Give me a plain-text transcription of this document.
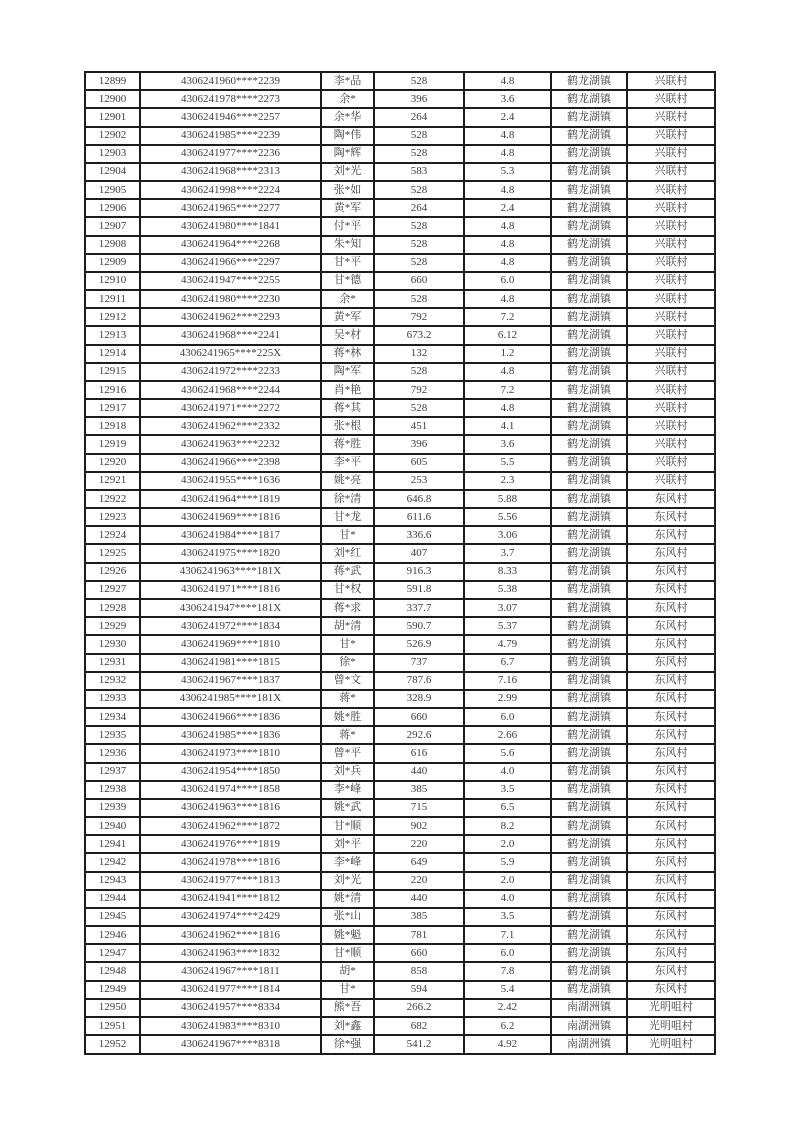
12899	4306241960****2239	李*品	528	4.8	鹤龙湖镇	兴联村
12900	4306241978****2273	余*	396	3.6	鹤龙湖镇	兴联村
12901	4306241946****2257	余*华	264	2.4	鹤龙湖镇	兴联村
12902	4306241985****2239	陶*伟	528	4.8	鹤龙湖镇	兴联村
12903	4306241977****2236	陶*辉	528	4.8	鹤龙湖镇	兴联村
12904	4306241968****2313	刘*光	583	5.3	鹤龙湖镇	兴联村
12905	4306241998****2224	张*如	528	4.8	鹤龙湖镇	兴联村
12906	4306241965****2277	黄*军	264	2.4	鹤龙湖镇	兴联村
12907	4306241980****1841	付*平	528	4.8	鹤龙湖镇	兴联村
12908	4306241964****2268	朱*知	528	4.8	鹤龙湖镇	兴联村
12909	4306241966****2297	甘*平	528	4.8	鹤龙湖镇	兴联村
12910	4306241947****2255	甘*德	660	6.0	鹤龙湖镇	兴联村
12911	4306241980****2230	余*	528	4.8	鹤龙湖镇	兴联村
12912	4306241962****2293	黄*军	792	7.2	鹤龙湖镇	兴联村
12913	4306241968****2241	吴*材	673.2	6.12	鹤龙湖镇	兴联村
12914	4306241965****225X	蒋*林	132	1.2	鹤龙湖镇	兴联村
12915	4306241972****2233	陶*军	528	4.8	鹤龙湖镇	兴联村
12916	4306241968****2244	肖*艳	792	7.2	鹤龙湖镇	兴联村
12917	4306241971****2272	蒋*其	528	4.8	鹤龙湖镇	兴联村
12918	4306241962****2332	张*根	451	4.1	鹤龙湖镇	兴联村
12919	4306241963****2232	蒋*胜	396	3.6	鹤龙湖镇	兴联村
12920	4306241966****2398	李*平	605	5.5	鹤龙湖镇	兴联村
12921	4306241955****1636	姚*亮	253	2.3	鹤龙湖镇	兴联村
12922	4306241964****1819	徐*清	646.8	5.88	鹤龙湖镇	东风村
12923	4306241969****1816	甘*龙	611.6	5.56	鹤龙湖镇	东风村
12924	4306241984****1817	甘*	336.6	3.06	鹤龙湖镇	东风村
12925	4306241975****1820	刘*红	407	3.7	鹤龙湖镇	东风村
12926	4306241963****181X	蒋*武	916.3	8.33	鹤龙湖镇	东风村
12927	4306241971****1816	甘*权	591.8	5.38	鹤龙湖镇	东风村
12928	4306241947****181X	蒋*求	337.7	3.07	鹤龙湖镇	东风村
12929	4306241972****1834	胡*清	590.7	5.37	鹤龙湖镇	东风村
12930	4306241969****1810	甘*	526.9	4.79	鹤龙湖镇	东风村
12931	4306241981****1815	徐*	737	6.7	鹤龙湖镇	东风村
12932	4306241967****1837	曾*文	787.6	7.16	鹤龙湖镇	东风村
12933	4306241985****181X	蒋*	328.9	2.99	鹤龙湖镇	东风村
12934	4306241966****1836	姚*胜	660	6.0	鹤龙湖镇	东风村
12935	4306241985****1836	蒋*	292.6	2.66	鹤龙湖镇	东风村
12936	4306241973****1810	曾*平	616	5.6	鹤龙湖镇	东风村
12937	4306241954****1850	刘*兵	440	4.0	鹤龙湖镇	东风村
12938	4306241974****1858	李*峰	385	3.5	鹤龙湖镇	东风村
12939	4306241963****1816	姚*武	715	6.5	鹤龙湖镇	东风村
12940	4306241962****1872	甘*顺	902	8.2	鹤龙湖镇	东风村
12941	4306241976****1819	刘*平	220	2.0	鹤龙湖镇	东风村
12942	4306241978****1816	李*峰	649	5.9	鹤龙湖镇	东风村
12943	4306241977****1813	刘*光	220	2.0	鹤龙湖镇	东风村
12944	4306241941****1812	姚*清	440	4.0	鹤龙湖镇	东风村
12945	4306241974****2429	张*山	385	3.5	鹤龙湖镇	东风村
12946	4306241962****1816	姚*魁	781	7.1	鹤龙湖镇	东风村
12947	4306241963****1832	甘*顺	660	6.0	鹤龙湖镇	东风村
12948	4306241967****1811	胡*	858	7.8	鹤龙湖镇	东风村
12949	4306241977****1814	甘*	594	5.4	鹤龙湖镇	东风村
12950	4306241957****8334	熊*吾	266.2	2.42	南湖洲镇	光明咀村
12951	4306241983****8310	刘*鑫	682	6.2	南湖洲镇	光明咀村
12952	4306241967****8318	徐*强	541.2	4.92	南湖洲镇	光明咀村
